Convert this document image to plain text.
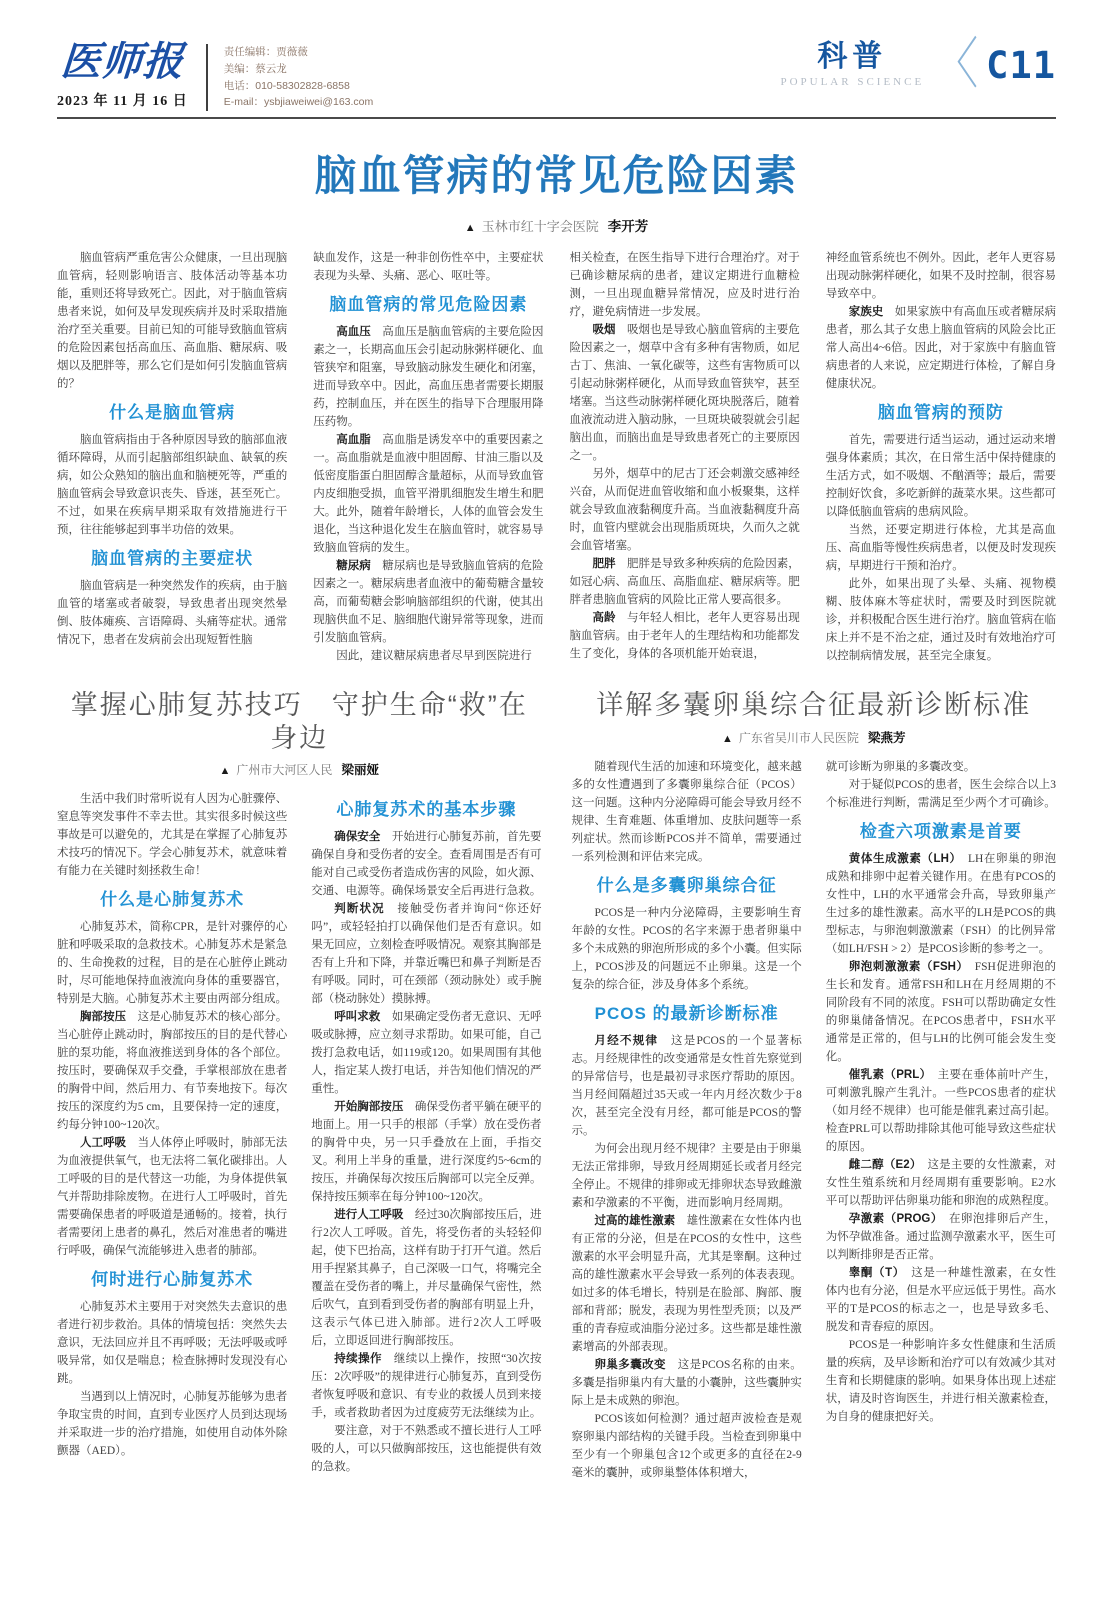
医师报
2023 年 11 月 16 日
责任编辑：贾薇薇
美编：蔡云龙
电话：010-58302828-6858
E-mail：ysbjiaweiwei@163.com
科普
POPULAR SCIENCE 〈 C11
脑血管病的常见危险因素
▲ 玉林市红十字会医院 李开芳

脑血管病严重危害公众健康，一旦出现脑血管病，轻则影响语言、肢体活动等基本功能，重则还将导致死亡。因此，对于脑血管病患者来说，如何及早发现疾病并及时采取措施治疗至关重要。目前已知的可能导致脑血管病的危险因素包括高血压、高血脂、糖尿病、吸烟以及肥胖等，那么它们是如何引发脑血管病的？

什么是脑血管病

脑血管病指由于各种原因导致的脑部血液循环障碍，从而引起脑部组织缺血、缺氧的疾病，如公众熟知的脑出血和脑梗死等，严重的脑血管病会导致意识丧失、昏迷，甚至死亡。不过，如果在疾病早期采取有效措施进行干预，往往能够起到事半功倍的效果。

脑血管病的主要症状

脑血管病是一种突然发作的疾病，由于脑血管的堵塞或者破裂，导致患者出现突然晕倒、肢体瘫痪、言语障碍、头痛等症状。通常情况下，患者在发病前会出现短暂性脑

缺血发作，这是一种非创伤性卒中，主要症状表现为头晕、头痛、恶心、呕吐等。

脑血管病的常见危险因素

高血压　高血压是脑血管病的主要危险因素之一，长期高血压会引起动脉粥样硬化、血管狭窄和阻塞，导致脑动脉发生硬化和闭塞，进而导致卒中。因此，高血压患者需要长期服药，控制血压，并在医生的指导下合理服用降压药物。

高血脂　高血脂是诱发卒中的重要因素之一。高血脂就是血液中胆固醇、甘油三脂以及低密度脂蛋白胆固醇含量超标，从而导致血管内皮细胞受损，血管平滑肌细胞发生增生和肥大。此外，随着年龄增长，人体的血管会发生退化，当这种退化发生在脑血管时，就容易导致脑血管病的发生。

糖尿病　糖尿病也是导致脑血管病的危险因素之一。糖尿病患者血液中的葡萄糖含量较高，而葡萄糖会影响脑部组织的代谢，使其出现脑供血不足、脑细胞代谢异常等现象，进而引发脑血管病。

因此，建议糖尿病患者尽早到医院进行

相关检查，在医生指导下进行合理治疗。对于已确诊糖尿病的患者，建议定期进行血糖检测，一旦出现血糖异常情况，应及时进行治疗，避免病情进一步发展。

吸烟　吸烟也是导致心脑血管病的主要危险因素之一，烟草中含有多种有害物质，如尼古丁、焦油、一氧化碳等，这些有害物质可以引起动脉粥样硬化，从而导致血管狭窄，甚至堵塞。当这些动脉粥样硬化斑块脱落后，随着血液流动进入脑动脉，一旦斑块破裂就会引起脑出血，而脑出血是导致患者死亡的主要原因之一。

另外，烟草中的尼古丁还会刺激交感神经兴奋，从而促进血管收缩和血小板聚集，这样就会导致血液黏稠度升高。当血液黏稠度升高时，血管内壁就会出现脂质斑块，久而久之就会血管堵塞。

肥胖　肥胖是导致多种疾病的危险因素，如冠心病、高血压、高脂血症、糖尿病等。肥胖者患脑血管病的风险比正常人要高很多。

高龄　与年轻人相比，老年人更容易出现脑血管病。由于老年人的生理结构和功能都发生了变化，身体的各项机能开始衰退，

神经血管系统也不例外。因此，老年人更容易出现动脉粥样硬化，如果不及时控制，很容易导致卒中。

家族史　如果家族中有高血压或者糖尿病患者，那么其子女患上脑血管病的风险会比正常人高出4~6倍。因此，对于家族中有脑血管病患者的人来说，应定期进行体检，了解自身健康状况。

脑血管病的预防

首先，需要进行适当运动，通过运动来增强身体素质；其次，在日常生活中保持健康的生活方式，如不吸烟、不酗酒等；最后，需要控制好饮食，多吃新鲜的蔬菜水果。这些都可以降低脑血管病的患病风险。

当然，还要定期进行体检，尤其是高血压、高血脂等慢性疾病患者，以便及时发现疾病，早期进行干预和治疗。

此外，如果出现了头晕、头痛、视物模糊、肢体麻木等症状时，需要及时到医院就诊，并积极配合医生进行治疗。脑血管病在临床上并不是不治之症，通过及时有效地治疗可以控制病情发展，甚至完全康复。

掌握心肺复苏技巧　守护生命“救”在身边
▲ 广州市大河区人民 梁丽娅

生活中我们时常听说有人因为心脏骤停、窒息等突发事件不幸去世。其实很多时候这些事故是可以避免的，尤其是在掌握了心肺复苏术技巧的情况下。学会心肺复苏术，就意味着有能力在关键时刻拯救生命！

什么是心肺复苏术

心肺复苏术，简称CPR，是针对骤停的心脏和呼吸采取的急救技术。心肺复苏术是紧急的、生命挽救的过程，目的是在心脏停止跳动时，尽可能地保持血液流向身体的重要器官，特别是大脑。心肺复苏术主要由两部分组成。

胸部按压　这是心肺复苏术的核心部分。当心脏停止跳动时，胸部按压的目的是代替心脏的泵功能，将血液推送到身体的各个部位。按压时，要确保双手交叠，手掌根部放在患者的胸骨中间，然后用力、有节奏地按下。每次按压的深度约为5 cm，且要保持一定的速度，约每分钟100~120次。

人工呼吸　当人体停止呼吸时，肺部无法为血液提供氧气，也无法将二氧化碳排出。人工呼吸的目的是代替这一功能，为身体提供氧气并帮助排除废物。在进行人工呼吸时，首先需要确保患者的呼吸道是通畅的。接着，执行者需要闭上患者的鼻孔，然后对准患者的嘴进行呼吸，确保气流能够进入患者的肺部。

何时进行心肺复苏术

心肺复苏术主要用于对突然失去意识的患者进行初步救治。具体的情境包括：突然失去意识，无法回应并且不再呼吸；无法呼吸或呼吸异常，如仅是喘息；检查脉搏时发现没有心跳。

当遇到以上情况时，心肺复苏能够为患者争取宝贵的时间，直到专业医疗人员到达现场并采取进一步的治疗措施，如使用自动体外除颤器（AED）。

心肺复苏术的基本步骤

确保安全　开始进行心肺复苏前，首先要确保自身和受伤者的安全。查看周围是否有可能对自己或受伤者造成伤害的风险，如火源、交通、电源等。确保场景安全后再进行急救。

判断状况　接触受伤者并询问“你还好吗”，或轻轻拍打以确保他们是否有意识。如果无回应，立刻检查呼吸情况。观察其胸部是否有上升和下降，并靠近嘴巴和鼻子判断是否有呼吸。同时，可在颈部（颈动脉处）或手腕部（桡动脉处）摸脉搏。

呼叫求救　如果确定受伤者无意识、无呼吸或脉搏，应立刻寻求帮助。如果可能，自己拨打急救电话，如119或120。如果周围有其他人，指定某人拨打电话，并告知他们情况的严重性。

开始胸部按压　确保受伤者平躺在硬平的地面上。用一只手的根部（手掌）放在受伤者的胸骨中央，另一只手叠放在上面，手指交叉。利用上半身的重量，进行深度约5~6cm的按压，并确保每次按压后胸部可以完全反弹。保持按压频率在每分钟100~120次。

进行人工呼吸　经过30次胸部按压后，进行2次人工呼吸。首先，将受伤者的头轻轻仰起，使下巴抬高，这样有助于打开气道。然后用手捏紧其鼻子，自己深吸一口气，将嘴完全覆盖在受伤者的嘴上，并尽量确保气密性，然后吹气，直到看到受伤者的胸部有明显上升，这表示气体已进入肺部。进行2次人工呼吸后，立即返回进行胸部按压。

持续操作　继续以上操作，按照“30次按压：2次呼吸”的规律进行心肺复苏，直到受伤者恢复呼吸和意识、有专业的救援人员到来接手，或者救助者因为过度疲劳无法继续为止。

要注意，对于不熟悉或不擅长进行人工呼吸的人，可以只做胸部按压，这也能提供有效的急救。

详解多囊卵巢综合征最新诊断标准
▲ 广东省吴川市人民医院 梁燕芳

随着现代生活的加速和环境变化，越来越多的女性遭遇到了多囊卵巢综合征（PCOS）这一问题。这种内分泌障碍可能会导致月经不规律、生育难题、体重增加、皮肤问题等一系列症状。然而诊断PCOS并不简单，需要通过一系列检测和评估来完成。

什么是多囊卵巢综合征

PCOS是一种内分泌障碍，主要影响生育年龄的女性。PCOS的名字来源于患者卵巢中多个未成熟的卵泡所形成的多个小囊。但实际上，PCOS涉及的问题远不止卵巢。这是一个复杂的综合征，涉及身体多个系统。

PCOS 的最新诊断标准

月经不规律　这是PCOS的一个显著标志。月经规律性的改变通常是女性首先察觉到的异常信号，也是最初寻求医疗帮助的原因。当月经间隔超过35天或一年内月经次数少于8次，甚至完全没有月经，都可能是PCOS的警示。

为何会出现月经不规律？主要是由于卵巢无法正常排卵，导致月经周期延长或者月经完全停止。不规律的排卵或无排卵状态导致雌激素和孕激素的不平衡，进而影响月经周期。

过高的雄性激素　雄性激素在女性体内也有正常的分泌，但是在PCOS的女性中，这些激素的水平会明显升高，尤其是睾酮。这种过高的雄性激素水平会导致一系列的体表表现。如过多的体毛增长，特别是在脸部、胸部、腹部和背部；脱发，表现为男性型秃顶；以及严重的青春痘或油脂分泌过多。这些都是雄性激素增高的外部表现。

卵巢多囊改变　这是PCOS名称的由来。多囊是指卵巢内有大量的小囊肿，这些囊肿实际上是未成熟的卵泡。

PCOS该如何检测？通过超声波检查是观察卵巢内部结构的关键手段。当检查到卵巢中至少有一个卵巢包含12个或更多的直径在2-9毫米的囊肿，或卵巢整体体积增大，

就可诊断为卵巢的多囊改变。

对于疑似PCOS的患者，医生会综合以上3个标准进行判断，需满足至少两个才可确诊。

检查六项激素是首要

黄体生成激素（LH）　LH在卵巢的卵泡成熟和排卵中起着关键作用。在患有PCOS的女性中，LH的水平通常会升高，导致卵巢产生过多的雄性激素。高水平的LH是PCOS的典型标志，与卵泡刺激激素（FSH）的比例异常（如LH/FSH > 2）是PCOS诊断的参考之一。

卵泡刺激激素（FSH）　FSH促进卵泡的生长和发育。通常FSH和LH在月经周期的不同阶段有不同的浓度。FSH可以帮助确定女性的卵巢储备情况。在PCOS患者中，FSH水平通常是正常的，但与LH的比例可能会发生变化。

催乳素（PRL）　主要在垂体前叶产生，可刺激乳腺产生乳汁。一些PCOS患者的症状（如月经不规律）也可能是催乳素过高引起。检查PRL可以帮助排除其他可能导致这些症状的原因。

雌二醇（E2）　这是主要的女性激素，对女性生殖系统和月经周期有重要影响。E2水平可以帮助评估卵巢功能和卵泡的成熟程度。

孕激素（PROG）　在卵泡排卵后产生，为怀孕做准备。通过监测孕激素水平，医生可以判断排卵是否正常。

睾酮（T）　这是一种雄性激素，在女性体内也有分泌，但是水平应远低于男性。高水平的T是PCOS的标志之一，也是导致多毛、脱发和青春痘的原因。

PCOS是一种影响许多女性健康和生活质量的疾病，及早诊断和治疗可以有效减少其对生育和长期健康的影响。如果身体出现上述症状，请及时咨询医生，并进行相关激素检查，为自身的健康把好关。
